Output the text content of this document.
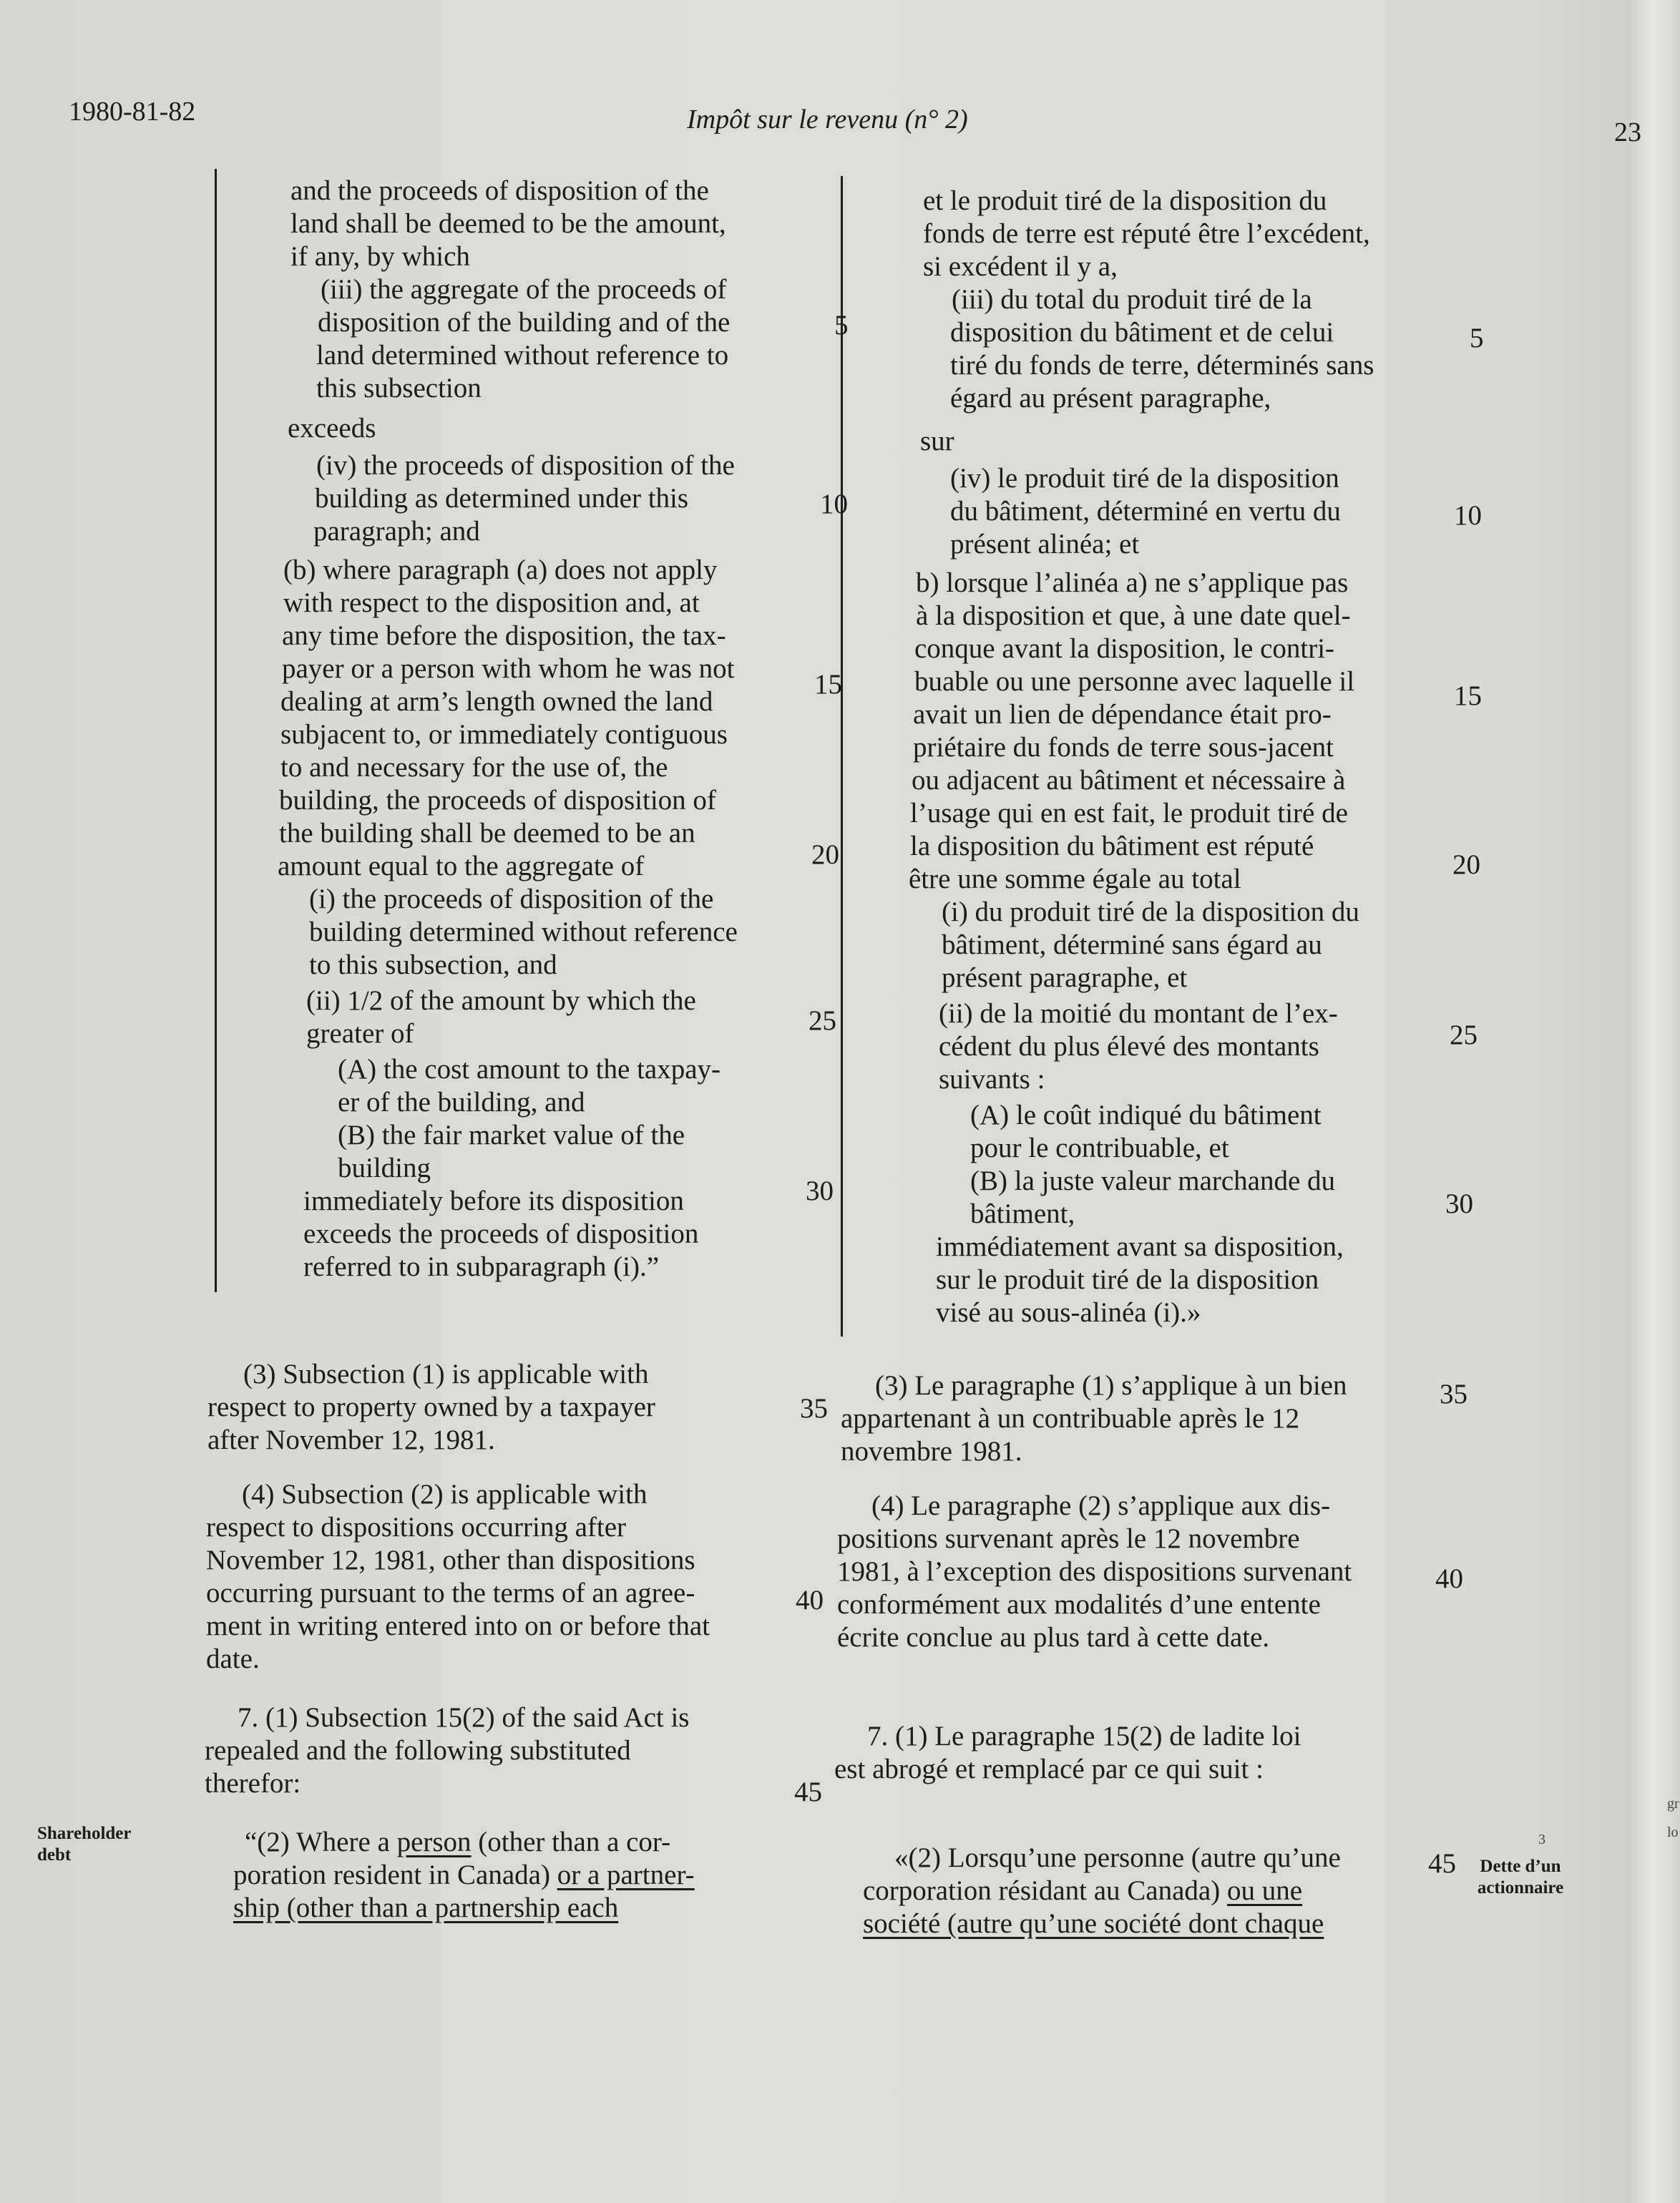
1980-81-82	Impôt sur le revenu (n° 2)	23
and the proceeds of disposition of the
land shall be deemed to be the amount,
if any, by which
(iii) the aggregate of the proceeds of
disposition of the building and of the
land determined without reference to
this subsection
exceeds
(iv) the proceeds of disposition of the
building as determined under this
paragraph; and
(b) where paragraph (a) does not apply
with respect to the disposition and, at
any time before the disposition, the tax-
payer or a person with whom he was not
dealing at arm’s length owned the land
subjacent to, or immediately contiguous
to and necessary for the use of, the
building, the proceeds of disposition of
the building shall be deemed to be an
amount equal to the aggregate of
(i) the proceeds of disposition of the
building determined without reference
to this subsection, and
(ii) 1/2 of the amount by which the
greater of
(A) the cost amount to the taxpay-
er of the building, and
(B) the fair market value of the
building
immediately before its disposition
exceeds the proceeds of disposition
referred to in subparagraph (i).”
et le produit tiré de la disposition du
fonds de terre est réputé être l’excédent,
si excédent il y a,
(iii) du total du produit tiré de la
disposition du bâtiment et de celui
tiré du fonds de terre, déterminés sans
égard au présent paragraphe,
sur
(iv) le produit tiré de la disposition
du bâtiment, déterminé en vertu du
présent alinéa; et
b) lorsque l’alinéa a) ne s’applique pas
à la disposition et que, à une date quel-
conque avant la disposition, le contri-
buable ou une personne avec laquelle il
avait un lien de dépendance était pro-
priétaire du fonds de terre sous-jacent
ou adjacent au bâtiment et nécessaire à
l’usage qui en est fait, le produit tiré de
la disposition du bâtiment est réputé
être une somme égale au total
(i) du produit tiré de la disposition du
bâtiment, déterminé sans égard au
présent paragraphe, et
(ii) de la moitié du montant de l’ex-
cédent du plus élevé des montants
suivants :
(A) le coût indiqué du bâtiment
pour le contribuable, et
(B) la juste valeur marchande du
bâtiment,
immédiatement avant sa disposition,
sur le produit tiré de la disposition
visé au sous-alinéa (i).»
(3) Subsection (1) is applicable with
respect to property owned by a taxpayer
after November 12, 1981.
(4) Subsection (2) is applicable with
respect to dispositions occurring after
November 12, 1981, other than dispositions
occurring pursuant to the terms of an agree-
ment in writing entered into on or before that
date.
7. (1) Subsection 15(2) of the said Act is
repealed and the following substituted
therefor:
“(2) Where a person (other than a cor-
poration resident in Canada) or a partner-
ship (other than a partnership each
(3) Le paragraphe (1) s’applique à un bien
appartenant à un contribuable après le 12
novembre 1981.
(4) Le paragraphe (2) s’applique aux dis-
positions survenant après le 12 novembre
1981, à l’exception des dispositions survenant
conformément aux modalités d’une entente
écrite conclue au plus tard à cette date.
7. (1) Le paragraphe 15(2) de ladite loi
est abrogé et remplacé par ce qui suit :
«(2) Lorsqu’une personne (autre qu’une
corporation résidant au Canada) ou une
société (autre qu’une société dont chaque
5
10
15
20
25
30
35
40
45
5
10
15
20
25
30
35
40
45
Shareholder
debt
Dette d’un
actionnaire
3
gr
lo
